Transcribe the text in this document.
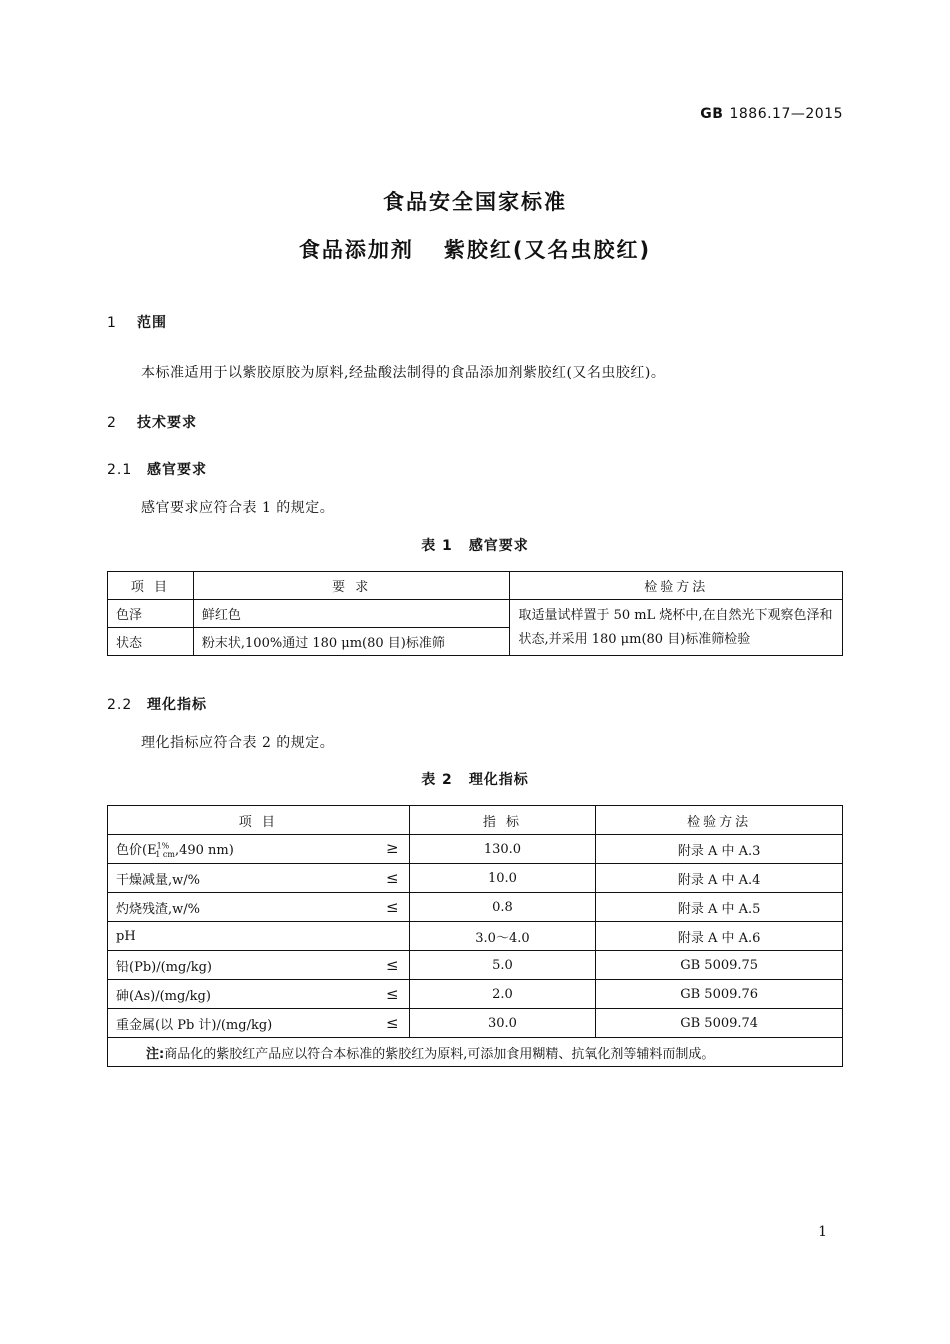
GB 1886.17—2015
食品安全国家标准
食品添加剂 紫胶红(又名虫胶红)
1 范围
本标准适用于以紫胶原胶为原料,经盐酸法制得的食品添加剂紫胶红(又名虫胶红)。
2 技术要求
2.1 感官要求
感官要求应符合表 1 的规定。
表 1 感官要求
项 目	要 求	检验方法
色泽	鲜红色	取适量试样置于 50 mL 烧杯中,在自然光下观察色泽和状态,并采用 180 μm(80 目)标准筛检验
状态	粉末状,100%通过 180 μm(80 目)标准筛	
2.2 理化指标
理化指标应符合表 2 的规定。
表 2 理化指标
项 目	指 标	检验方法
色价($E^{1\%}_{1 cm},490$ nm) ≥	130.0	附录 A 中 A.3
干燥减量,w/% ≤	10.0	附录 A 中 A.4
灼烧残渣,w/% ≤	0.8	附录 A 中 A.5
pH	3.0～4.0	附录 A 中 A.6
铅(Pb)/(mg/kg) ≤	5.0	GB 5009.75
砷(As)/(mg/kg) ≤	2.0	GB 5009.76
重金属(以 Pb 计)/(mg/kg) ≤	30.0	GB 5009.74
注:商品化的紫胶红产品应以符合本标准的紫胶红为原料,可添加食用糊精、抗氧化剂等辅料而制成。		
1
